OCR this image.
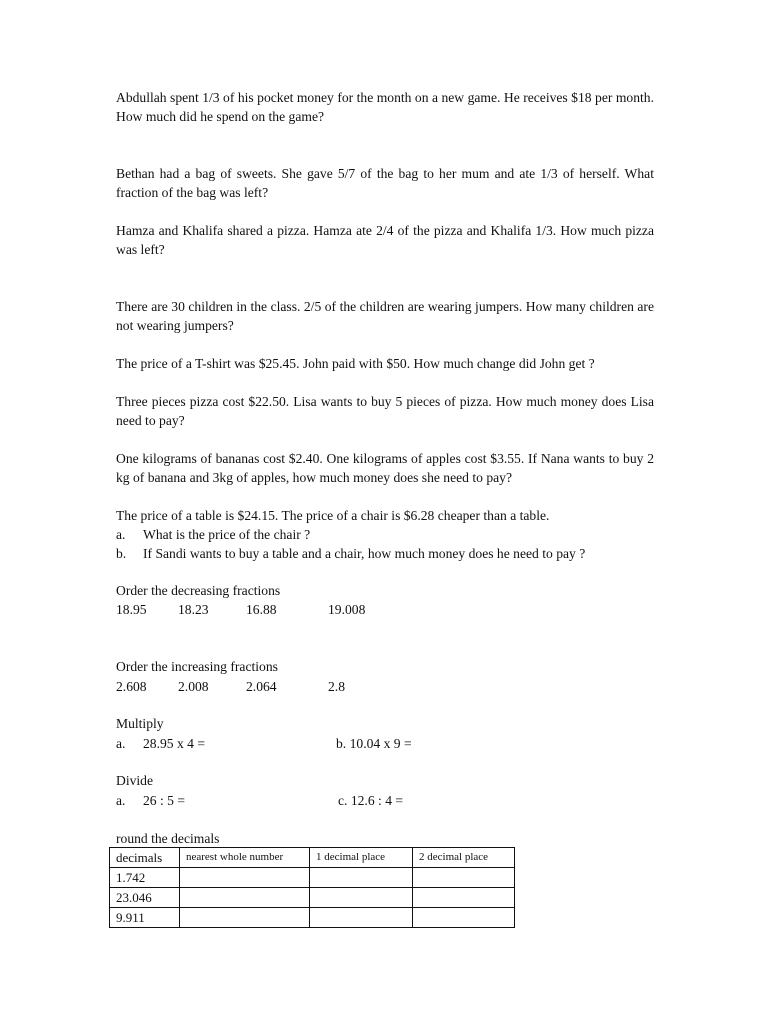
Abdullah spent 1/3 of his pocket money for the month on a new game. He receives $18 per month. How much did he spend on the game?

Bethan had a bag of sweets. She gave 5/7 of the bag to her mum and ate 1/3 of herself. What fraction of the bag was left?

Hamza and Khalifa shared a pizza. Hamza ate 2/4 of the pizza and Khalifa 1/3. How much pizza was left?

There are 30 children in the class. 2/5 of the children are wearing jumpers. How many children are not wearing jumpers?

The price of a T-shirt was $25.45. John paid with $50. How much change did John get ?

Three pieces pizza cost $22.50. Lisa wants to buy 5 pieces of pizza. How much money does Lisa need to pay?

One kilograms of bananas cost $2.40. One kilograms of apples cost $3.55. If Nana wants to buy 2 kg of banana and 3kg of apples, how much money does she need to pay?

The price of a table is $24.15. The price of a chair is $6.28 cheaper than a table.
a. What is the price of the chair ?
b. If Sandi wants to buy a table and a chair, how much money does he need to pay ?
Order the decreasing fractions
18.95 18.23	16.88	19.008
Order the increasing fractions
2.608 2.008	2.064	2.8
Multiply
a. 28.95 x 4 =	b. 10.04 x 9 =
Divide
a. 26 : 5 =	c. 12.6 : 4 =
round the decimals
decimals	nearest whole number	1 decimal place	2 decimal place
1.742			
23.046			
9.911			
